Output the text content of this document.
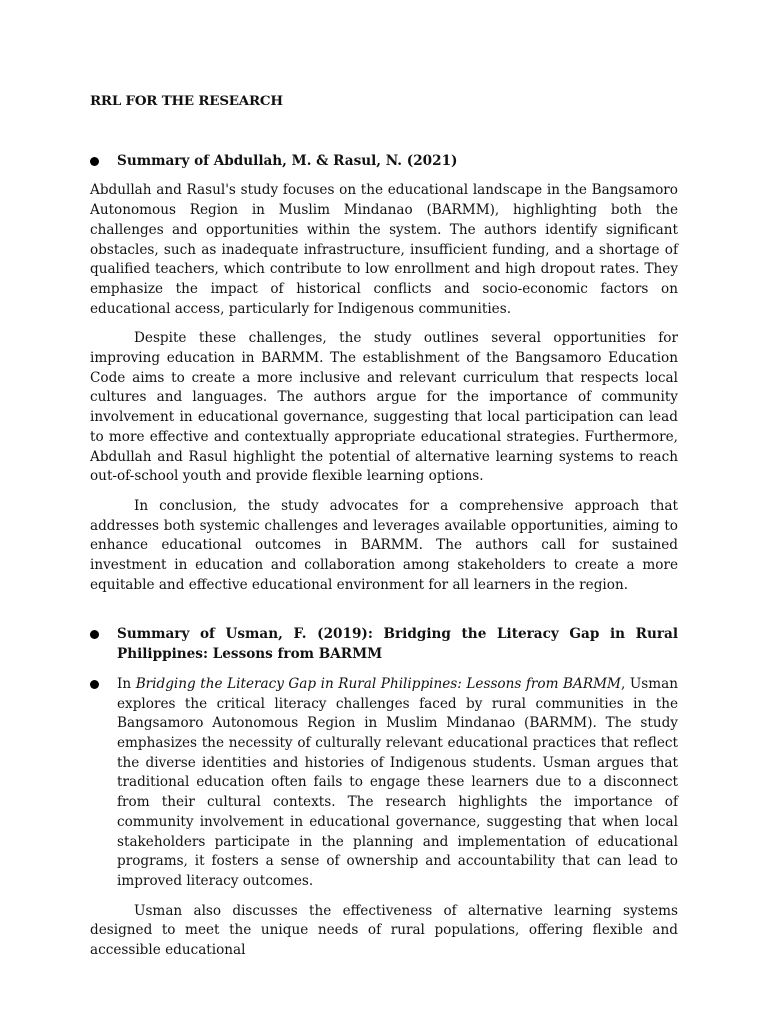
RRL FOR THE RESEARCH

Summary of Abdullah, M. & Rasul, N. (2021)

Abdullah and Rasul's study focuses on the educational landscape in the Bangsamoro Autonomous Region in Muslim Mindanao (BARMM), highlighting both the challenges and opportunities within the system. The authors identify significant obstacles, such as inadequate infrastructure, insufficient funding, and a shortage of qualified teachers, which contribute to low enrollment and high dropout rates. They emphasize the impact of historical conflicts and socio-economic factors on educational access, particularly for Indigenous communities.

Despite these challenges, the study outlines several opportunities for improving education in BARMM. The establishment of the Bangsamoro Education Code aims to create a more inclusive and relevant curriculum that respects local cultures and languages. The authors argue for the importance of community involvement in educational governance, suggesting that local participation can lead to more effective and contextually appropriate educational strategies. Furthermore, Abdullah and Rasul highlight the potential of alternative learning systems to reach out-of-school youth and provide flexible learning options.

In conclusion, the study advocates for a comprehensive approach that addresses both systemic challenges and leverages available opportunities, aiming to enhance educational outcomes in BARMM. The authors call for sustained investment in education and collaboration among stakeholders to create a more equitable and effective educational environment for all learners in the region.

Summary of Usman, F. (2019): Bridging the Literacy Gap in Rural Philippines: Lessons from BARMM
In Bridging the Literacy Gap in Rural Philippines: Lessons from BARMM, Usman explores the critical literacy challenges faced by rural communities in the Bangsamoro Autonomous Region in Muslim Mindanao (BARMM). The study emphasizes the necessity of culturally relevant educational practices that reflect the diverse identities and histories of Indigenous students. Usman argues that traditional education often fails to engage these learners due to a disconnect from their cultural contexts. The research highlights the importance of community involvement in educational governance, suggesting that when local stakeholders participate in the planning and implementation of educational programs, it fosters a sense of ownership and accountability that can lead to improved literacy outcomes.

Usman also discusses the effectiveness of alternative learning systems designed to meet the unique needs of rural populations, offering flexible and accessible educational
